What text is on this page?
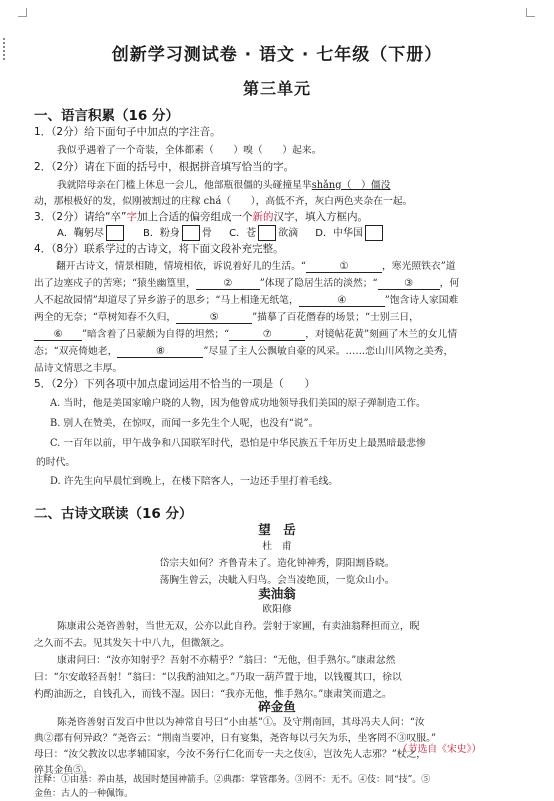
创新学习测试卷 · 语文 · 七年级（下册）
第三单元
一、语言积累（16 分）
1．（2分）给下面句子中加点的字注音。
我似乎遇着了一个奇装，全体都素（　　）嗅（　　）起来。
2．（2分）请在下面的括号中，根据拼音填写恰当的字。
我就陪母亲在门槛上休息一会儿，他部瓶很僵的头碰撞星芈shǎng（　）僵没
动，那根极好的发，似刚被割过的庄稼 chá（　　），高低不齐，灰白两色夹杂在一起。
3．（2分）请给“卒”字加上合适的偏旁组成一个新的汉字，填入方框内。
A．鞠躬尽	B．粉身 骨 C．苍 欲滴 D．中华国
4．（8分）联系学过的古诗文，将下面文段补充完整。
翻开古诗文，情景相随，情境相依，诉说着好儿的生活。“	①	，寒光照铁衣”道
出了边塞戍子的苦寒；“猿坐幽篁里，	②	”体现了隐居生活的淡然；“	③	，何
人不起故园情”却道尽了异乡游子的思乡；“马上相逢无纸笔，	④	”饱含诗人家国难
两全的无奈；“草树知春不久归，	⑤	”描摹了百花僭春的场景；“士别三日，
⑥ ”暗含着了吕蒙颇为自得的坦然；“	⑦	，对镜帖花黄”刻画了木兰的女儿情
态；“双亮倚她老，	⑧	”尽显了主人公飘敏自豪的风采。……恋山川风物之美秀，
品诗文情思之丰厚。
5．（2分）下列各项中加点虚词运用不恰当的一项是（　　）
A. 当时，他是美国家喻户晓的人物，因为他曾成功地领导我们美国的原子弹制造工作。
B. 别人在赞美，在惊叹，而闻一多先生个人呢，也没有“说”。
C. 一百年以前，甲午战争和八国联军时代，恐怕是中华民族五千年历史上最黑暗最悲惨
的时代。
D. 许先生向早晨忙到晚上，在楼下陪客人，一边还手里打着毛线。
二、古诗文联读（16 分）
望　岳
杜　甫
岱宗夫如何？齐鲁青未了。造化钟神秀，阴阳割昏晓。
荡胸生曾云，决眦入归鸟。会当凌绝顶，一览众山小。
卖油翁
欧阳修
陈康肃公尧咨善射，当世无双，公亦以此自矜。尝射于家圃，有卖油翁释担而立，睨
之久而不去。见其发矢十中八九，但微颔之。
康肃问曰：“汝亦知射乎？吾射不亦精乎？”翁曰：“无他，但手熟尔。”康肃忿然
曰：“尔安敢轻吾射！”翁曰：“以我酌油知之。”乃取一葫芦置于地，以钱覆其口，徐以
杓酌油沥之，自钱孔入，而钱不湿。因曰：“我亦无他，惟手熟尔。”康肃笑而遣之。
碎金鱼
陈尧咨善射百发百中世以为神常自号曰“小由基”①。及守荆南回，其母冯夫人问：“汝
典②郡有何异政？”尧咨云：“荆南当要冲，日有宴集，尧咨每以弓矢为乐，坐客罔不③叹服。”
母曰：“汝父教汝以忠孝辅国家，今汝不务行仁化而专一夫之伎④，岂汝先人志邪？”杖之，
碎其金鱼⑤。
（节选自《宋史》）
注释：①由基：养由基，战国时楚国神箭手。②典郡：掌管郡务。③罔不：无不。④伎：同“技”。⑤
金鱼：古人的一种佩饰。
